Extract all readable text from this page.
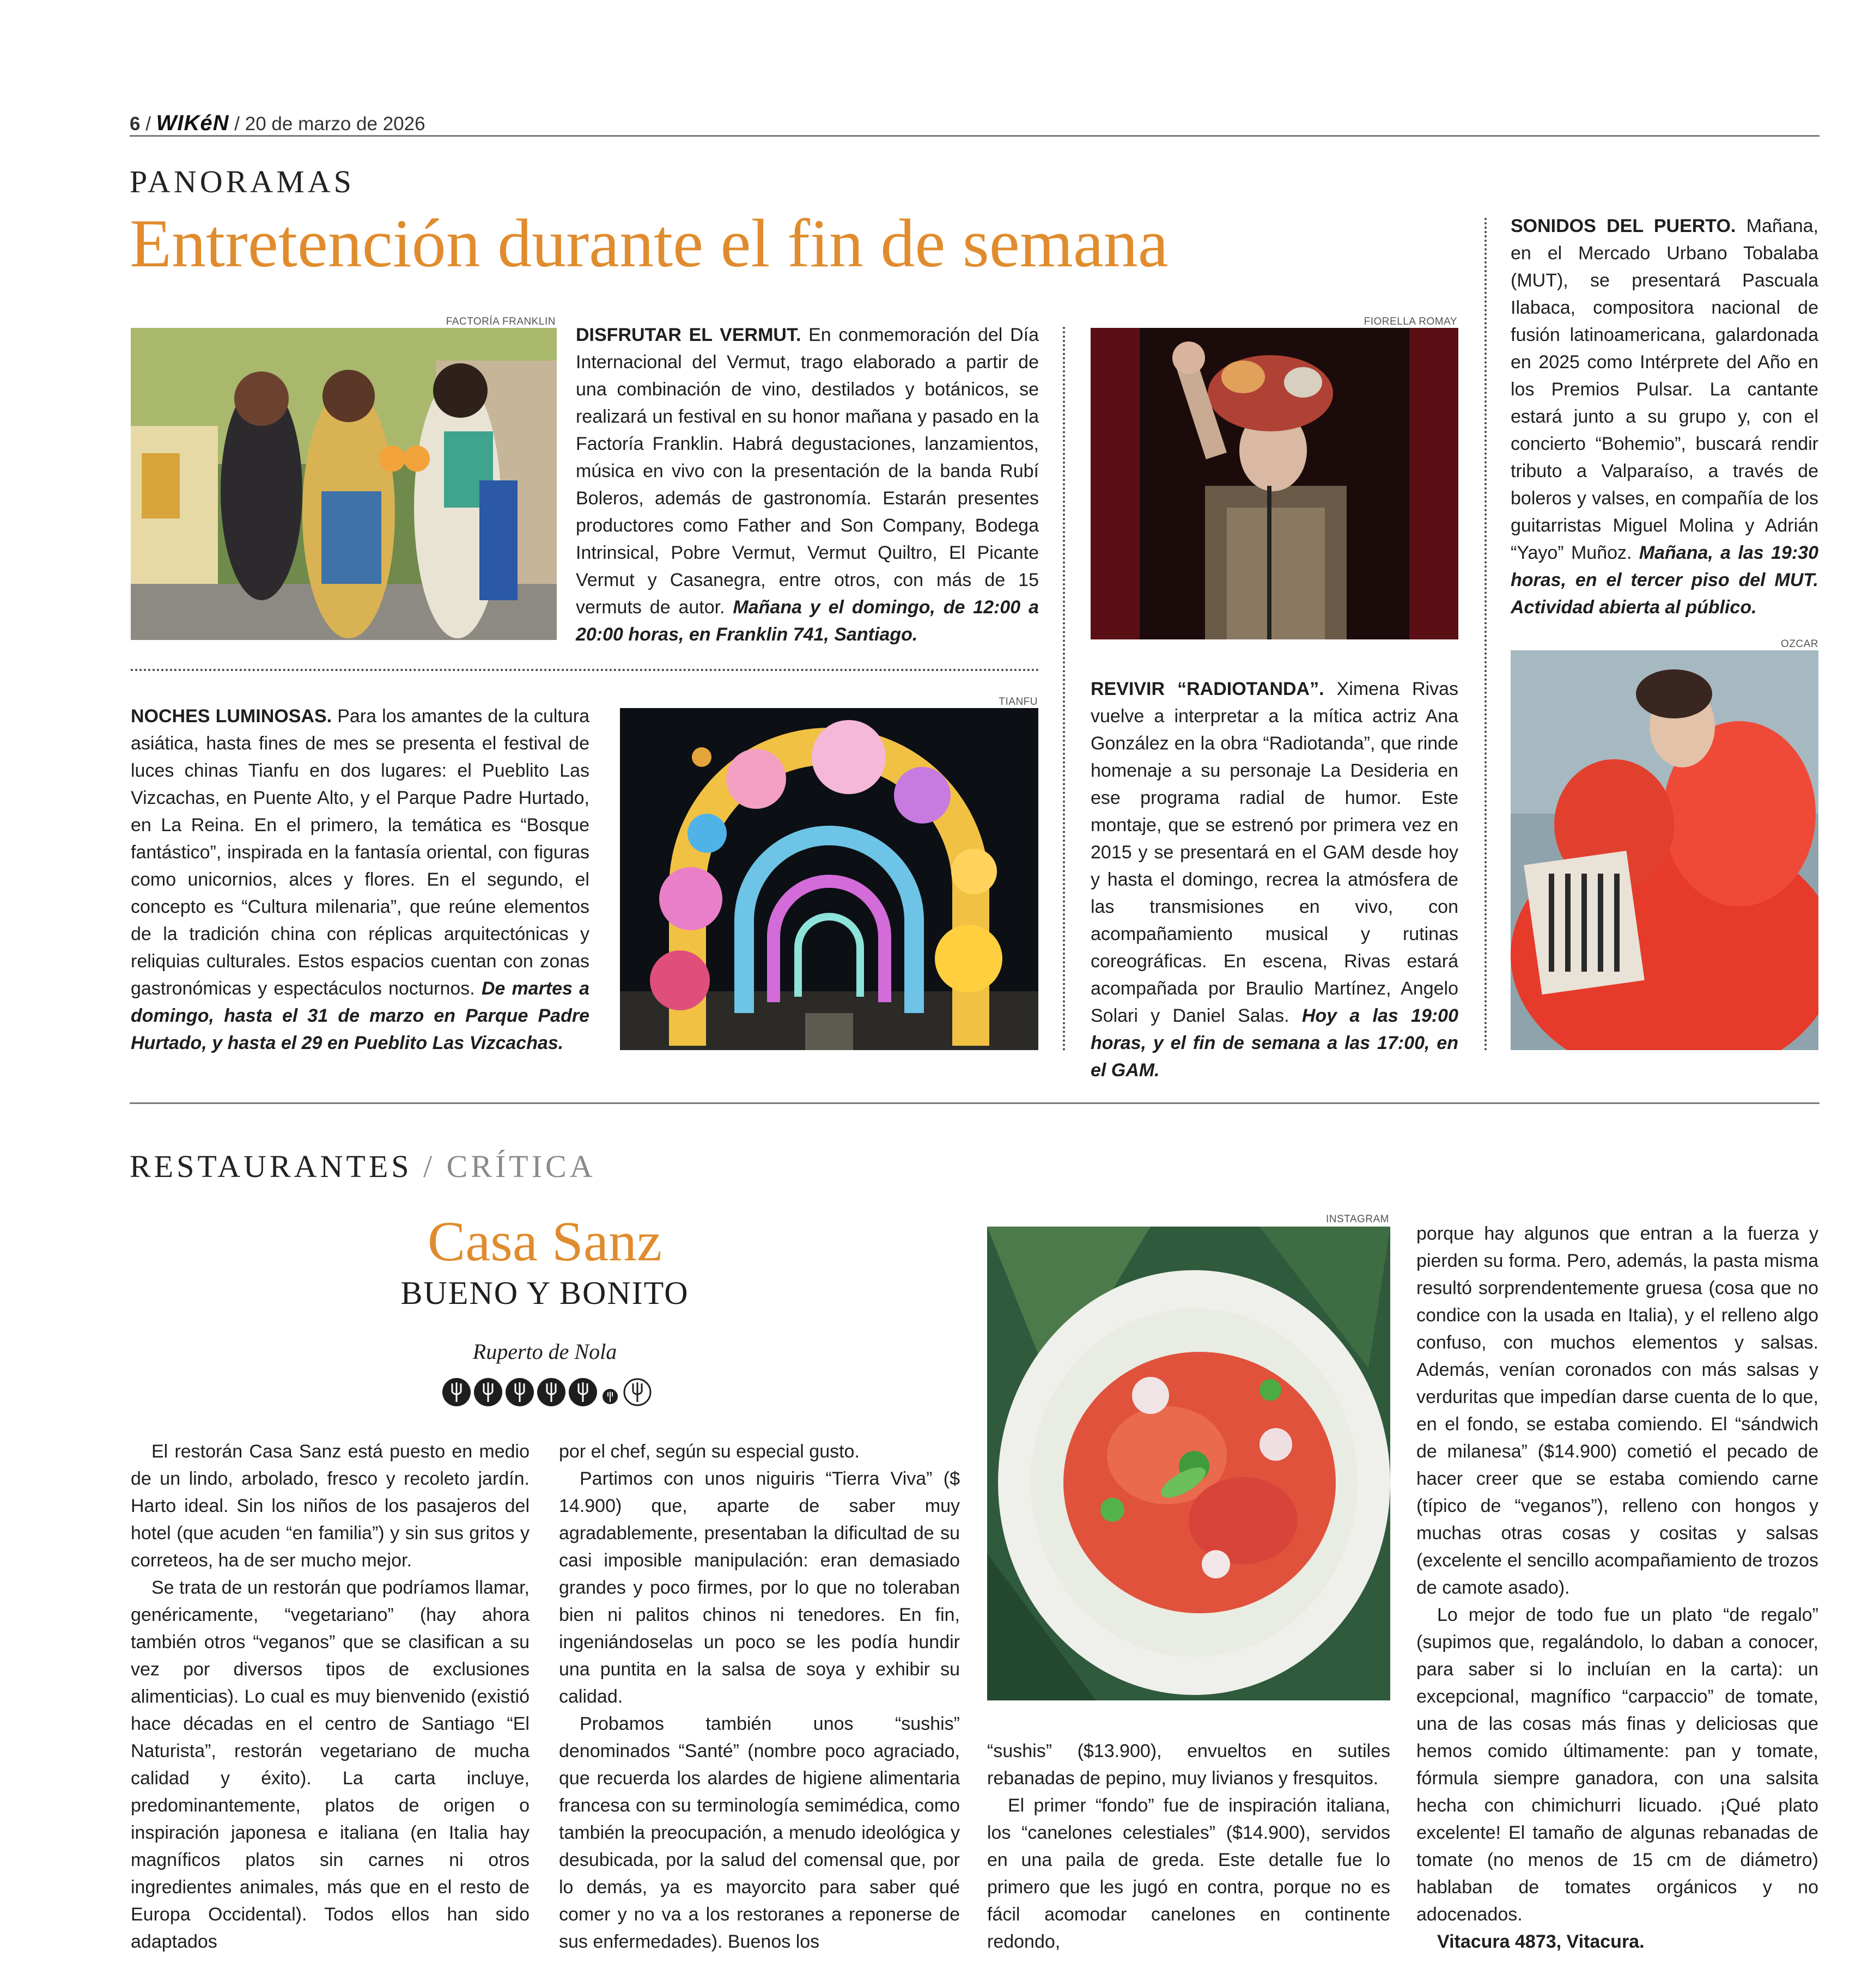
6 / WIKéN / 20 de marzo de 2026
PANORAMAS
Entretención durante el fin de semana
FACTORÍA FRANKLIN

DISFRUTAR EL VERMUT. En conmemoración del Día Internacional del Vermut, trago elaborado a partir de una combinación de vino, destilados y botánicos, se realizará un festival en su honor mañana y pasado en la Factoría Franklin. Habrá degustaciones, lanzamientos, música en vivo con la presentación de la banda Rubí Boleros, además de gastronomía. Estarán presentes productores como Father and Son Company, Bodega Intrinsical, Pobre Vermut, Vermut Quiltro, El Picante Vermut y Casanegra, entre otros, con más de 15 vermuts de autor. Mañana y el domingo, de 12:00 a 20:00 horas, en Franklin 741, Santiago.

NOCHES LUMINOSAS. Para los amantes de la cultura asiática, hasta fines de mes se presenta el festival de luces chinas Tianfu en dos lugares: el Pueblito Las Vizcachas, en Puente Alto, y el Parque Padre Hurtado, en La Reina. En el primero, la temática es “Bosque fantástico”, inspirada en la fantasía oriental, con figuras como unicornios, alces y flores. En el segundo, el concepto es “Cultura milenaria”, que reúne elementos de la tradición china con réplicas arquitectónicas y reliquias culturales. Estos espacios cuentan con zonas gastronómicas y espectáculos nocturnos. De martes a domingo, hasta el 31 de marzo en Parque Padre Hurtado, y hasta el 29 en Pueblito Las Vizcachas.

TIANFU
FIORELLA ROMAY

REVIVIR “RADIOTANDA”. Ximena Rivas vuelve a interpretar a la mítica actriz Ana González en la obra “Radiotanda”, que rinde homenaje a su personaje La Desideria en ese programa radial de humor. Este montaje, que se estrenó por primera vez en 2015 y se presentará en el GAM desde hoy y hasta el domingo, recrea la atmósfera de las transmisiones en vivo, con acompañamiento musical y rutinas coreográficas. En escena, Rivas estará acompañada por Braulio Martínez, Angelo Solari y Daniel Salas. Hoy a las 19:00 horas, y el fin de semana a las 17:00, en el GAM.

SONIDOS DEL PUERTO. Mañana, en el Mercado Urbano Tobalaba (MUT), se presentará Pascuala Ilabaca, compositora nacional de fusión latinoamericana, galardonada en 2025 como Intérprete del Año en los Premios Pulsar. La cantante estará junto a su grupo y, con el concierto “Bohemio”, buscará rendir tributo a Valparaíso, a través de boleros y valses, en compañía de los guitarristas Miguel Molina y Adrián “Yayo” Muñoz. Mañana, a las 19:30 horas, en el tercer piso del MUT. Actividad abierta al público.

OZCAR
RESTAURANTES / CRÍTICA
Casa Sanz
BUENO Y BONITO
Ruperto de Nola

El restorán Casa Sanz está puesto en medio de un lindo, arbolado, fresco y recoleto jardín. Harto ideal. Sin los niños de los pasajeros del hotel (que acuden “en familia”) y sin sus gritos y correteos, ha de ser mucho mejor.

Se trata de un restorán que podríamos llamar, genéricamente, “vegetariano” (hay ahora también otros “veganos” que se clasifican a su vez por diversos tipos de exclusiones alimenticias). Lo cual es muy bienvenido (existió hace décadas en el centro de Santiago “El Naturista”, restorán vegetariano de mucha calidad y éxito). La carta incluye, predominantemente, platos de origen o inspiración japonesa e italiana (en Italia hay magníficos platos sin carnes ni otros ingredientes animales, más que en el resto de Europa Occidental). Todos ellos han sido adaptados

por el chef, según su especial gusto.

Partimos con unos niguiris “Tierra Viva” ($ 14.900) que, aparte de saber muy agradablemente, presentaban la dificultad de su casi imposible manipulación: eran demasiado grandes y poco firmes, por lo que no toleraban bien ni palitos chinos ni tenedores. En fin, ingeniándoselas un poco se les podía hundir una puntita en la salsa de soya y exhibir su calidad.

Probamos también unos “sushis” denominados “Santé” (nombre poco agraciado, que recuerda los alardes de higiene alimentaria francesa con su terminología semimédica, como también la preocupación, a menudo ideológica y desubicada, por la salud del comensal que, por lo demás, ya es mayorcito para saber qué comer y no va a los restoranes a reponerse de sus enfermedades). Buenos los

INSTAGRAM

“sushis” ($13.900), envueltos en sutiles rebanadas de pepino, muy livianos y fresquitos.

El primer “fondo” fue de inspiración italiana, los “canelones celestiales” ($14.900), servidos en una paila de greda. Este detalle fue lo primero que les jugó en contra, porque no es fácil acomodar canelones en continente redondo,

porque hay algunos que entran a la fuerza y pierden su forma. Pero, además, la pasta misma resultó sorprendentemente gruesa (cosa que no condice con la usada en Italia), y el relleno algo confuso, con muchos elementos y salsas. Además, venían coronados con más salsas y verduritas que impedían darse cuenta de lo que, en el fondo, se estaba comiendo. El “sándwich de milanesa” ($14.900) cometió el pecado de hacer creer que se estaba comiendo carne (típico de “veganos”), relleno con hongos y muchas otras cosas y cositas y salsas (excelente el sencillo acompañamiento de trozos de camote asado).

Lo mejor de todo fue un plato “de regalo” (supimos que, regalándolo, lo daban a conocer, para saber si lo incluían en la carta): un excepcional, magnífico “carpaccio” de tomate, una de las cosas más finas y deliciosas que hemos comido últimamente: pan y tomate, fórmula siempre ganadora, con una salsita hecha con chimichurri licuado. ¡Qué plato excelente! El tamaño de algunas rebanadas de tomate (no menos de 15 cm de diámetro) hablaban de tomates orgánicos y no adocenados.

Vitacura 4873, Vitacura.
